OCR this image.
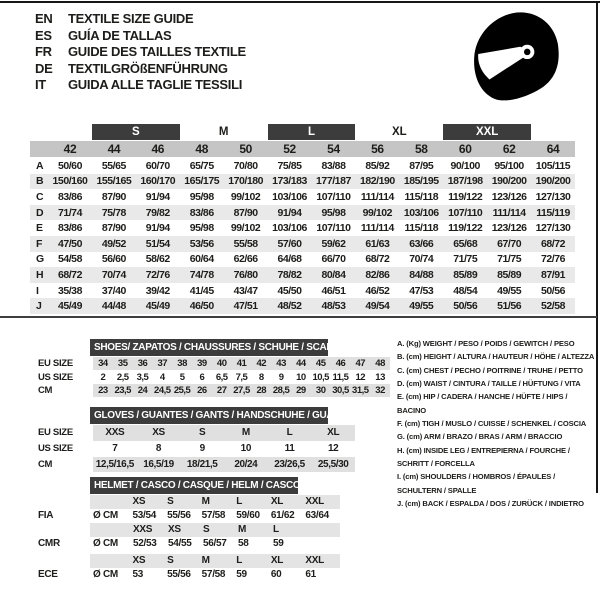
EN	TEXTILE SIZE GUIDE
ES	GUÍA DE TALLAS
FR	GUIDE DES TAILLES TEXTILE
DE	TEXTILGRÖßENFÜHRUNG
IT	GUIDA ALLE TAGLIE TESSILI
S	M	L	XL	XXL
42	44	46	48	50	52	54	56	58	60	62	64
A	50/60	55/65	60/70	65/75	70/80	75/85	83/88	85/92	87/95	90/100	95/100	105/115
B 150/160 155/165 160/170 165/175 170/180 173/183 177/187 182/190 185/195 187/198 190/200 190/200
C	83/86	87/90	91/94	95/98	99/102	103/106 107/110 111/114	115/118 119/122 123/126 127/130
D	71/74	75/78	79/82	83/86	87/90	91/94	95/98	99/102	103/106 107/110 111/114	115/119
E	83/86	87/90	91/94	95/98	99/102	103/106 107/110 111/114	115/118 119/122 123/126 127/130
F	47/50	49/52	51/54	53/56	55/58	57/60	59/62	61/63	63/66	65/68	67/70	68/72
G	54/58	56/60	58/62	60/64	62/66	64/68	66/70	68/72	70/74	71/75	71/75	72/76
H	68/72	70/74	72/76	74/78	76/80	78/82	80/84	82/86	84/88	85/89	85/89	87/91
I	35/38	37/40	39/42	41/45	43/47	45/50	46/51	46/52	47/53	48/54	49/55	50/56
J	45/49	44/48	45/49	46/50	47/51	48/52	48/53	49/54	49/55	50/56	51/56	52/58
SHOES/ ZAPATOS / CHAUSSURES / SCHUHE / SCARPE
EU SIZE	34	35	36	37	38	39	40	41	42	43	44	45	46	47	48
US SIZE	2	2,5 3,5	4	5	6	6,5 7,5	8	9	10 10,5 11,5 12	13
CM	23 23,5 24 24,5 25,5 26	27 27,5 28 28,5 29	30 30,5 31,5 32
GLOVES / GUANTES / GANTS / HANDSCHUHE / GUANTI
EU SIZE	XXS	XS	S	M	L	XL
US SIZE	7	8	9	10	11	12
CM	12,5/16,5 16,5/19	18/21,5	20/24	23/26,5	25,5/30
HELMET / CASCO / CASQUE / HELM / CASCO
XS	S	M	L	XL	XXL
FIA	Ø CM	53/54	55/56	57/58	59/60	61/62	63/64
XXS	XS	S	M	L
CMR	Ø CM	52/53	54/55	56/57	58	59
XS	S	M	L	XL	XXL
ECE	Ø CM	53	55/56	57/58	59	60	61
A. (Kg) WEIGHT / PESO / POIDS / GEWITCH / PESO
B. (cm) HEIGHT / ALTURA / HAUTEUR / HÖHE / ALTEZZA
C. (cm) CHEST / PECHO / POITRINE / TRUHE / PETTO
D. (cm) WAIST / CINTURA / TAILLE / HÜFTUNG / VITA
E. (cm) HIP / CADERA / HANCHE / HÜFTE / HIPS / BACINO
F. (cm) TIGH / MUSLO / CUISSE / SCHENKEL / COSCIA
G. (cm) ARM / BRAZO / BRAS / ARM / BRACCIO
H. (cm) INSIDE LEG / ENTREPIERNA / FOURCHE / SCHRITT / FORCELLA
I. (cm) SHOULDERS / HOMBROS / ÉPAULES / SCHULTERN / SPALLE
J. (cm) BACK / ESPALDA / DOS / ZURÜCK / INDIETRO
